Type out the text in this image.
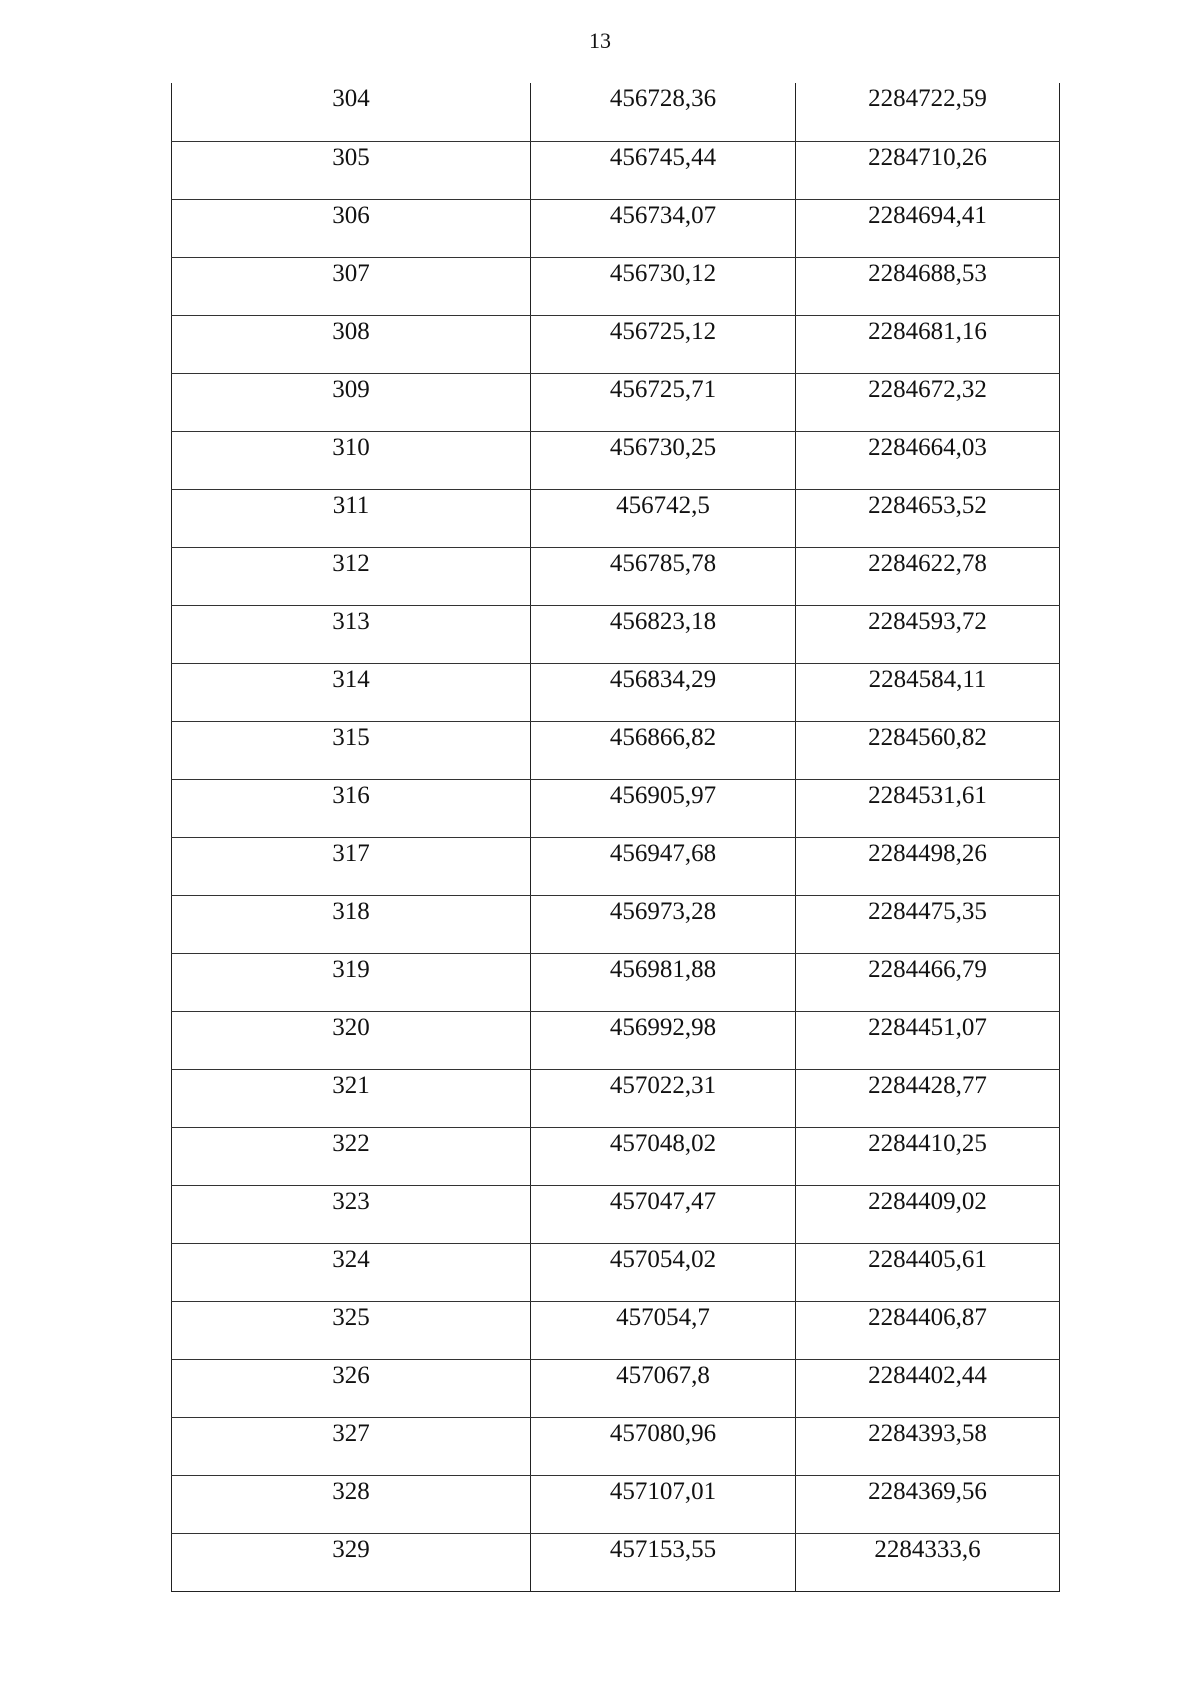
13
304	456728,36	2284722,59
305	456745,44	2284710,26
306	456734,07	2284694,41
307	456730,12	2284688,53
308	456725,12	2284681,16
309	456725,71	2284672,32
310	456730,25	2284664,03
311	456742,5	2284653,52
312	456785,78	2284622,78
313	456823,18	2284593,72
314	456834,29	2284584,11
315	456866,82	2284560,82
316	456905,97	2284531,61
317	456947,68	2284498,26
318	456973,28	2284475,35
319	456981,88	2284466,79
320	456992,98	2284451,07
321	457022,31	2284428,77
322	457048,02	2284410,25
323	457047,47	2284409,02
324	457054,02	2284405,61
325	457054,7	2284406,87
326	457067,8	2284402,44
327	457080,96	2284393,58
328	457107,01	2284369,56
329	457153,55	2284333,6
